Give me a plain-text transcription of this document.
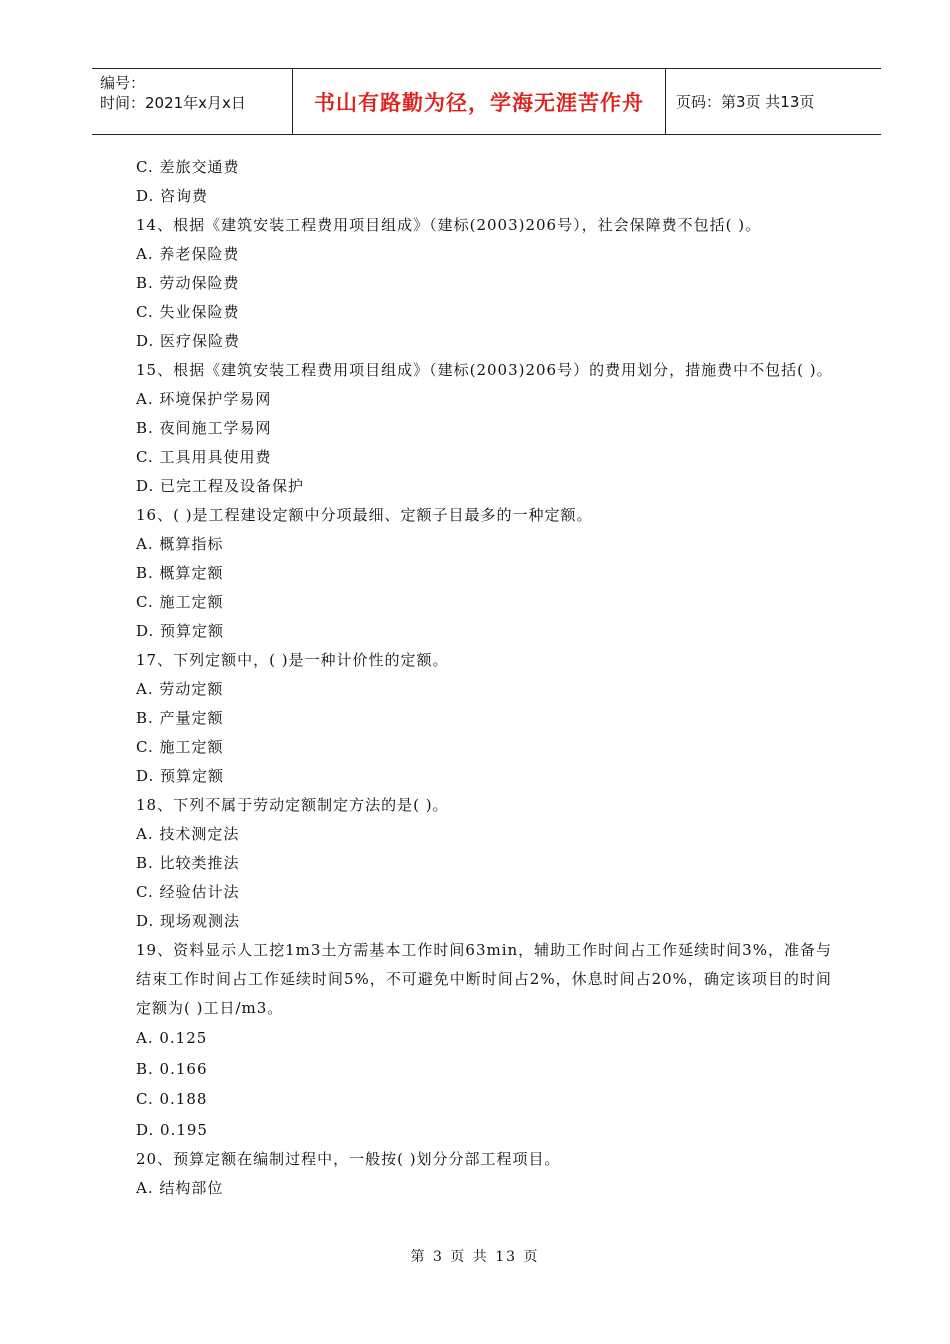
编号：
时间：2021年x月x日	书山有路勤为径，学海无涯苦作舟	页码：第3页 共13页
C. 差旅交通费
D. 咨询费
14、根据《建筑安装工程费用项目组成》（建标(2003)206号），社会保障费不包括( )。
A. 养老保险费
B. 劳动保险费
C. 失业保险费
D. 医疗保险费
15、根据《建筑安装工程费用项目组成》（建标(2003)206号）的费用划分，措施费中不包括( )。
A. 环境保护学易网
B. 夜间施工学易网
C. 工具用具使用费
D. 已完工程及设备保护
16、( )是工程建设定额中分项最细、定额子目最多的一种定额。
A. 概算指标
B. 概算定额
C. 施工定额
D. 预算定额
17、下列定额中，( )是一种计价性的定额。
A. 劳动定额
B. 产量定额
C. 施工定额
D. 预算定额
18、下列不属于劳动定额制定方法的是( )。
A. 技术测定法
B. 比较类推法
C. 经验估计法
D. 现场观测法
19、资料显示人工挖1m3土方需基本工作时间63min，辅助工作时间占工作延续时间3%，准备与结束工作时间占工作延续时间5%，不可避免中断时间占2%，休息时间占20%，确定该项目的时间定额为( )工日/m3。
A. 0.125
B. 0.166
C. 0.188
D. 0.195
20、预算定额在编制过程中，一般按( )划分分部工程项目。
A. 结构部位
第 3 页 共 13 页
